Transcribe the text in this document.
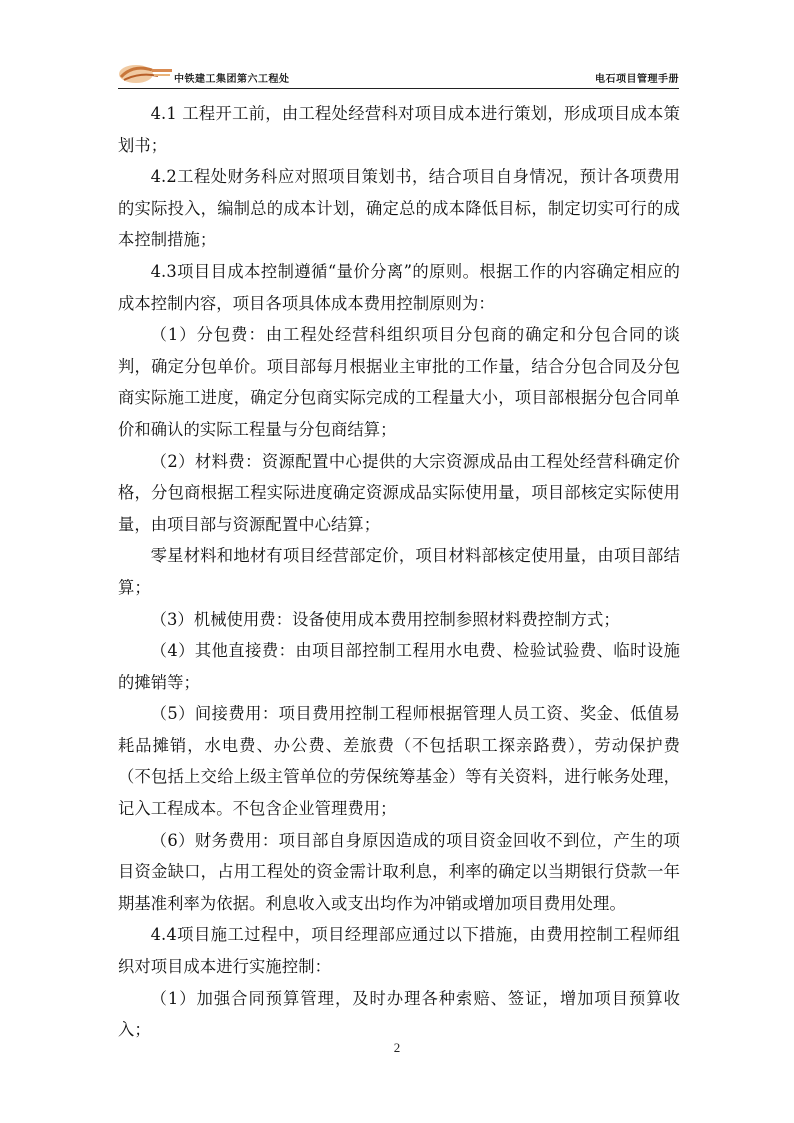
中铁建工集团第六工程处	电石项目管理手册

4.1 工程开工前，由工程处经营科对项目成本进行策划，形成项目成本策划书；

4.2工程处财务科应对照项目策划书，结合项目自身情况，预计各项费用的实际投入，编制总的成本计划，确定总的成本降低目标，制定切实可行的成本控制措施；

4.3项目目成本控制遵循“量价分离”的原则。根据工作的内容确定相应的成本控制内容，项目各项具体成本费用控制原则为：

（1）分包费：由工程处经营科组织项目分包商的确定和分包合同的谈判，确定分包单价。项目部每月根据业主审批的工作量，结合分包合同及分包商实际施工进度，确定分包商实际完成的工程量大小，项目部根据分包合同单价和确认的实际工程量与分包商结算；

（2）材料费：资源配置中心提供的大宗资源成品由工程处经营科确定价格，分包商根据工程实际进度确定资源成品实际使用量，项目部核定实际使用量，由项目部与资源配置中心结算；

零星材料和地材有项目经营部定价，项目材料部核定使用量，由项目部结算；

（3）机械使用费：设备使用成本费用控制参照材料费控制方式；

（4）其他直接费：由项目部控制工程用水电费、检验试验费、临时设施的摊销等；

（5）间接费用：项目费用控制工程师根据管理人员工资、奖金、低值易耗品摊销，水电费、办公费、差旅费（不包括职工探亲路费），劳动保护费（不包括上交给上级主管单位的劳保统筹基金）等有关资料，进行帐务处理，记入工程成本。不包含企业管理费用；

（6）财务费用：项目部自身原因造成的项目资金回收不到位，产生的项目资金缺口，占用工程处的资金需计取利息，利率的确定以当期银行贷款一年期基准利率为依据。利息收入或支出均作为冲销或增加项目费用处理。

4.4项目施工过程中，项目经理部应通过以下措施，由费用控制工程师组织对项目成本进行实施控制：

（1）加强合同预算管理，及时办理各种索赔、签证，增加项目预算收入；

2
